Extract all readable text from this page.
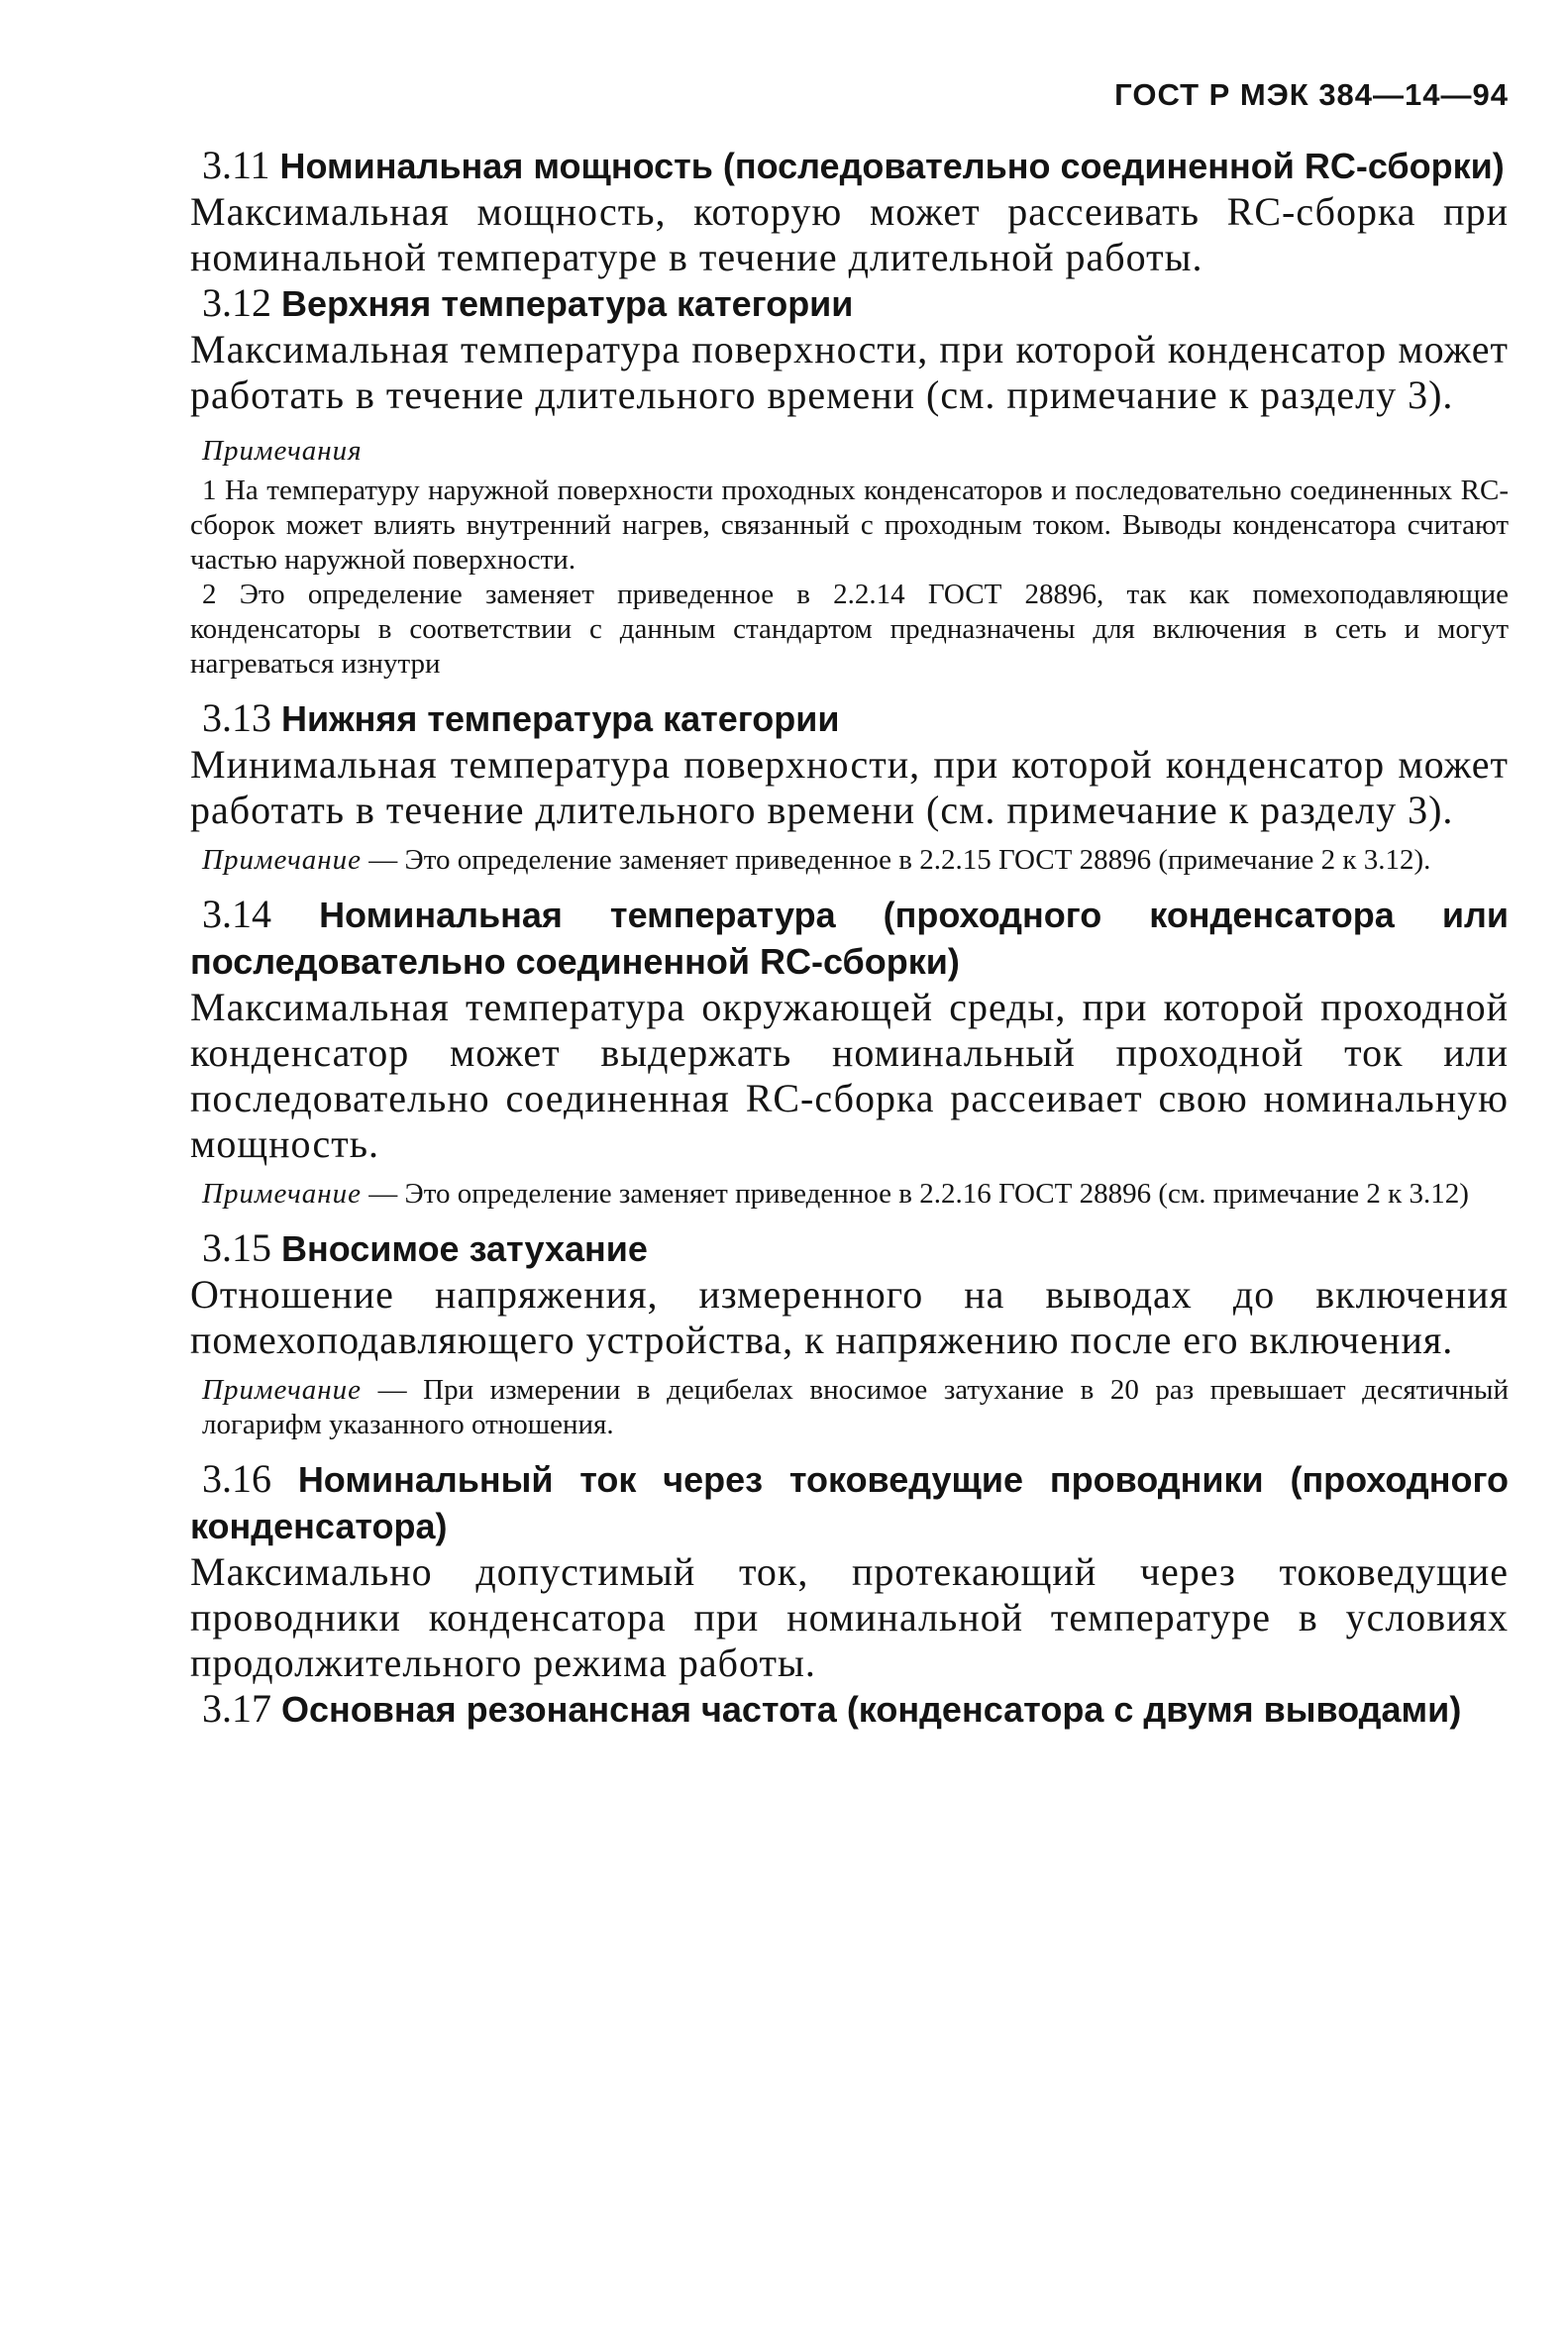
ГОСТ Р МЭК 384—14—94

3.11 Номинальная мощность (последовательно соединенной RC-сборки)

Максимальная мощность, которую может рассеивать RC-сборка при номинальной температуре в течение длительной работы.

3.12 Верхняя температура категории

Максимальная температура поверхности, при которой конденсатор может работать в течение длительного времени (см. примечание к разделу 3).

Примечания

1 На температуру наружной поверхности проходных конденсаторов и последовательно соединенных RC-сборок может влиять внутренний нагрев, связанный с проходным током. Выводы конденсатора считают частью наружной поверхности.

2 Это определение заменяет приведенное в 2.2.14 ГОСТ 28896, так как помехоподавляющие конденсаторы в соответствии с данным стандартом предназначены для включения в сеть и могут нагреваться изнутри

3.13 Нижняя температура категории

Минимальная температура поверхности, при которой конденсатор может работать в течение длительного времени (см. примечание к разделу 3).

Примечание — Это определение заменяет приведенное в 2.2.15 ГОСТ 28896 (примечание 2 к 3.12).

3.14 Номинальная температура (проходного конденсатора или последовательно соединенной RC-сборки)

Максимальная температура окружающей среды, при которой проходной конденсатор может выдержать номинальный проходной ток или последовательно соединенная RC-сборка рассеивает свою номинальную мощность.

Примечание — Это определение заменяет приведенное в 2.2.16 ГОСТ 28896 (см. примечание 2 к 3.12)

3.15 Вносимое затухание

Отношение напряжения, измеренного на выводах до включения помехоподавляющего устройства, к напряжению после его включения.

Примечание — При измерении в децибелах вносимое затухание в 20 раз превышает десятичный логарифм указанного отношения.

3.16 Номинальный ток через токоведущие проводники (проходного конденсатора)

Максимально допустимый ток, протекающий через токоведущие проводники конденсатора при номинальной температуре в условиях продолжительного режима работы.

3.17 Основная резонансная частота (конденсатора с двумя выводами)
